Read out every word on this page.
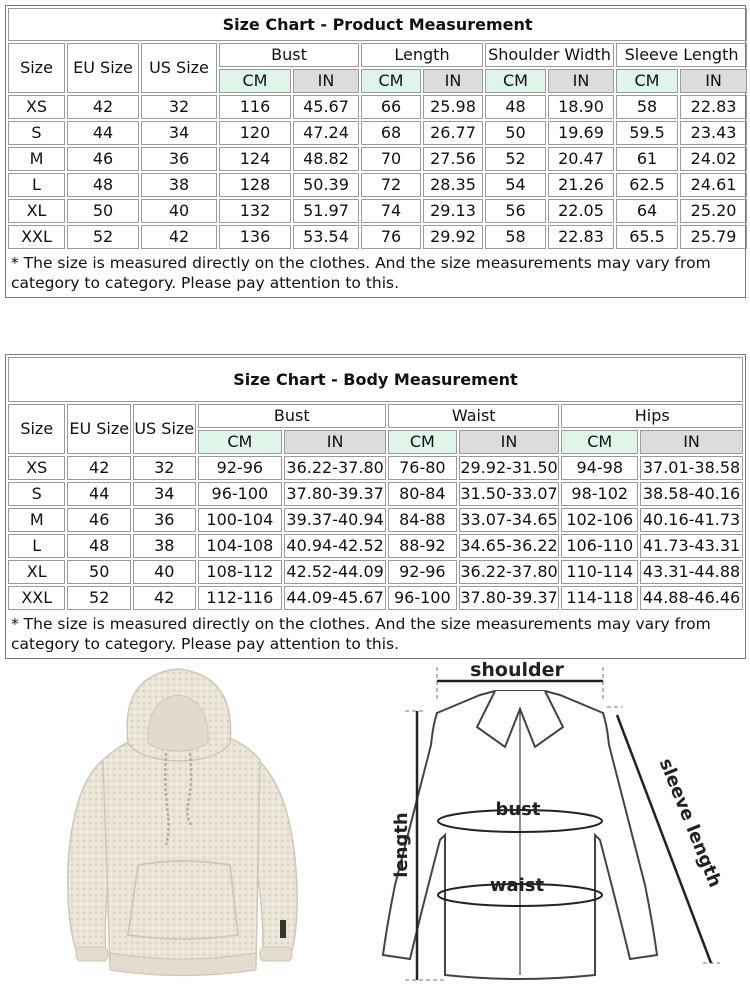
Size Chart - Product Measurement										
Size	EU Size	US Size	Bust		Length		Shoulder Width		Sleeve Length	
			CM	IN	CM	IN	CM	IN	CM	IN
XS	42	32	116	45.67	66	25.98	48	18.90	58	22.83
S	44	34	120	47.24	68	26.77	50	19.69	59.5	23.43
M	46	36	124	48.82	70	27.56	52	20.47	61	24.02
L	48	38	128	50.39	72	28.35	54	21.26	62.5	24.61
XL	50	40	132	51.97	74	29.13	56	22.05	64	25.20
XXL	52	42	136	53.54	76	29.92	58	22.83	65.5	25.79
* The size is measured directly on the clothes. And the size measurements may vary from category to category. Please pay attention to this.										
Size Chart - Body Measurement								
Size	EU Size	US Size	Bust		Waist		Hips	
			CM	IN	CM	IN	CM	IN
XS	42	32	92-96	36.22-37.80	76-80	29.92-31.50	94-98	37.01-38.58
S	44	34	96-100	37.80-39.37	80-84	31.50-33.07	98-102	38.58-40.16
M	46	36	100-104	39.37-40.94	84-88	33.07-34.65	102-106	40.16-41.73
L	48	38	104-108	40.94-42.52	88-92	34.65-36.22	106-110	41.73-43.31
XL	50	40	108-112	42.52-44.09	92-96	36.22-37.80	110-114	43.31-44.88
XXL	52	42	112-116	44.09-45.67	96-100	37.80-39.37	114-118	44.88-46.46
* The size is measured directly on the clothes. And the size measurements may vary from category to category. Please pay attention to this.								
shoulder
bust
waist
length	sleeve length
